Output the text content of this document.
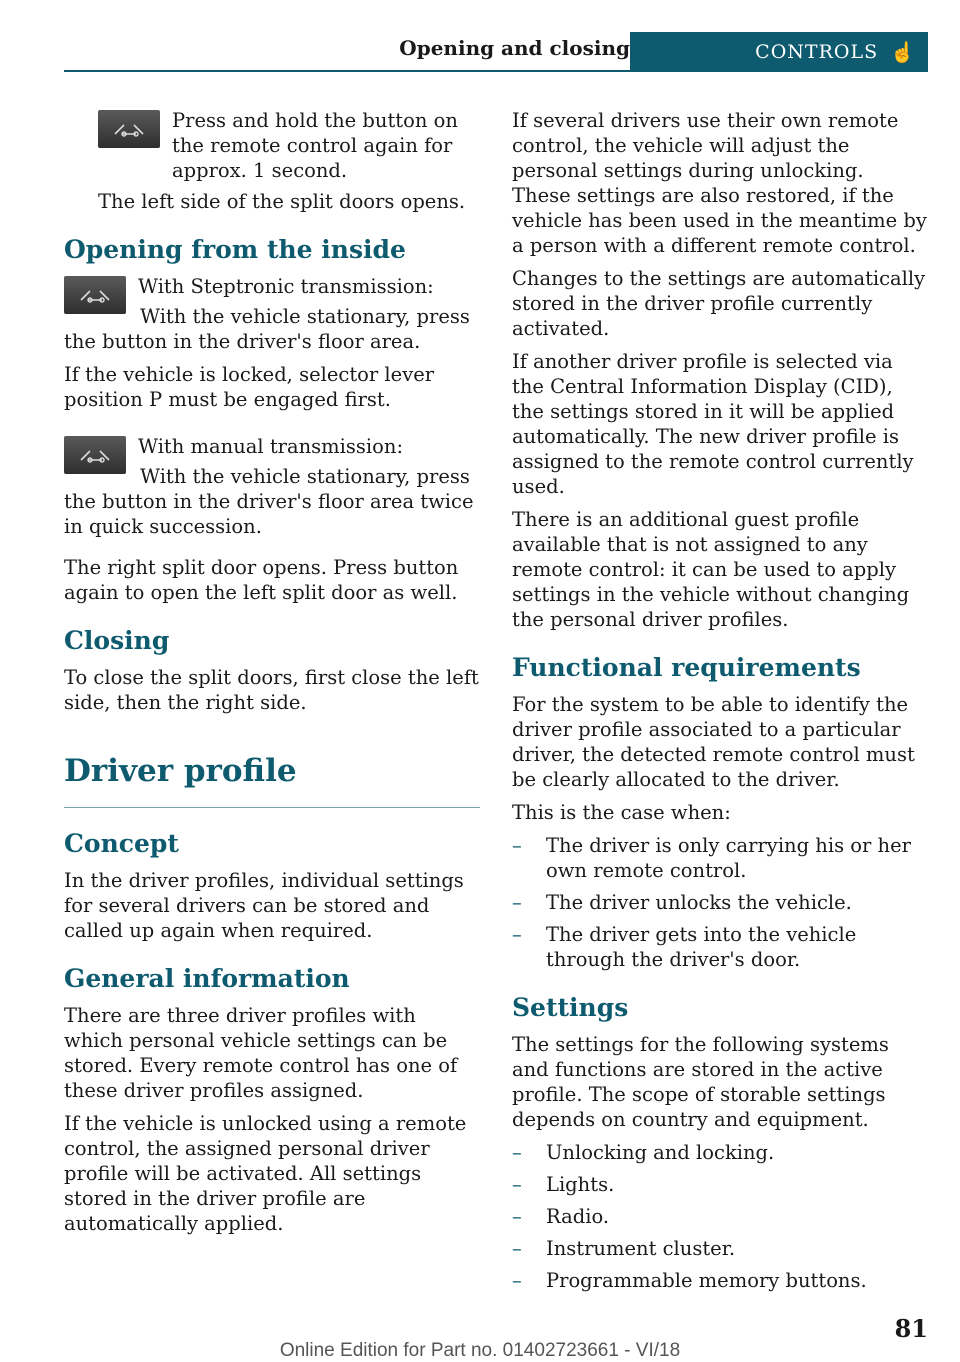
Opening and closing	CONTROLS ☝

Press and hold the button on the remote control again for approx. 1 second.

The left side of the split doors opens.

Opening from the inside

With Steptronic transmission:

With the vehicle stationary, press the button in the driver's floor area.

If the vehicle is locked, selector lever position P must be engaged first.

With manual transmission:

With the vehicle stationary, press the button in the driver's floor area twice in quick succession.

The right split door opens. Press button again to open the left split door as well.

Closing

To close the split doors, first close the left side, then the right side.

Driver profile
Concept

In the driver profiles, individual settings for several drivers can be stored and called up again when required.

General information

There are three driver profiles with which personal vehicle settings can be stored. Every remote control has one of these driver profiles assigned.

If the vehicle is unlocked using a remote control, the assigned personal driver profile will be activated. All settings stored in the driver profile are automatically applied.

If several drivers use their own remote control, the vehicle will adjust the personal settings during unlocking. These settings are also restored, if the vehicle has been used in the meantime by a person with a different remote control.

Changes to the settings are automatically stored in the driver profile currently activated.

If another driver profile is selected via the Central Information Display (CID), the settings stored in it will be applied automatically. The new driver profile is assigned to the remote control currently used.

There is an additional guest profile available that is not assigned to any remote control: it can be used to apply settings in the vehicle without changing the personal driver profiles.

Functional requirements

For the system to be able to identify the driver profile associated to a particular driver, the detected remote control must be clearly allocated to the driver.

This is the case when:

– The driver is only carrying his or her own remote control.
– The driver unlocks the vehicle.
– The driver gets into the vehicle through the driver's door.
Settings

The settings for the following systems and functions are stored in the active profile. The scope of storable settings depends on country and equipment.

– Unlocking and locking.
– Lights.
– Radio.
– Instrument cluster.
– Programmable memory buttons.
81
Online Edition for Part no. 01402723661 - VI/18
